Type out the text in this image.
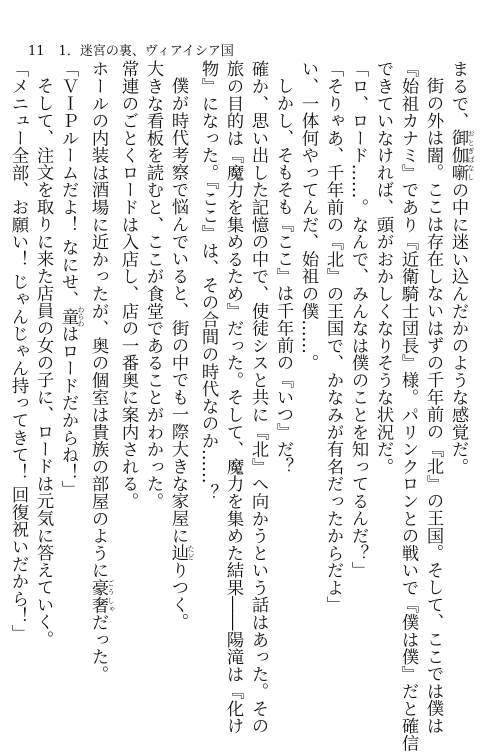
11 1．迷宮の裏、ヴィアイシア国

まるで、御伽噺 おとぎばなしの中に迷い込んだかのような感覚だ。

街の外は闇。ここは存在しないはずの千年前の『北』の王国。そして、ここでは僕は

『始祖カナミ』であり『近衛騎士団長』様。パリンクロンとの戦いで『僕は僕』だと確信

できていなければ、頭がおかしくなりそうな状況だ。

「ロ、ロード……。なんで、みんなは僕のことを知ってるんだ？」

「そりゃあ、千年前の『北』の王国で、かなみが有名だったからだよ」

い、一体何やってんだ、始祖の僕……。

しかし、そもそも『ここ』は千年前の『いつ』だ？

確か、思い出した記憶の中で、使徒シスと共に『北』へ向かうという話はあった。その

旅の目的は『魔力を集めるため』だった。そして、魔力を集めた結果――陽滝は『化け

物』になった。『ここ』は、その合間の時代なのか……？

僕が時代考察で悩んでいると、街の中でも一際大きな家屋に辿 たどりつく。

大きな看板を読むと、ここが食堂であることがわかった。

常連のごとくロードは入店し、店の一番奥に案内される。

ホールの内装は酒場に近かったが、奥の個室は貴族の部屋のように豪奢 ごうしゃだった。

「ＶＩＰルームだよ！ なにせ、童 わらわはロードだからね！」

そして、注文を取りに来た店員の女の子に、ロードは元気に答えていく。

「メニュー全部、お願い！ じゃんじゃん持ってきて！ 回復祝いだから！」
